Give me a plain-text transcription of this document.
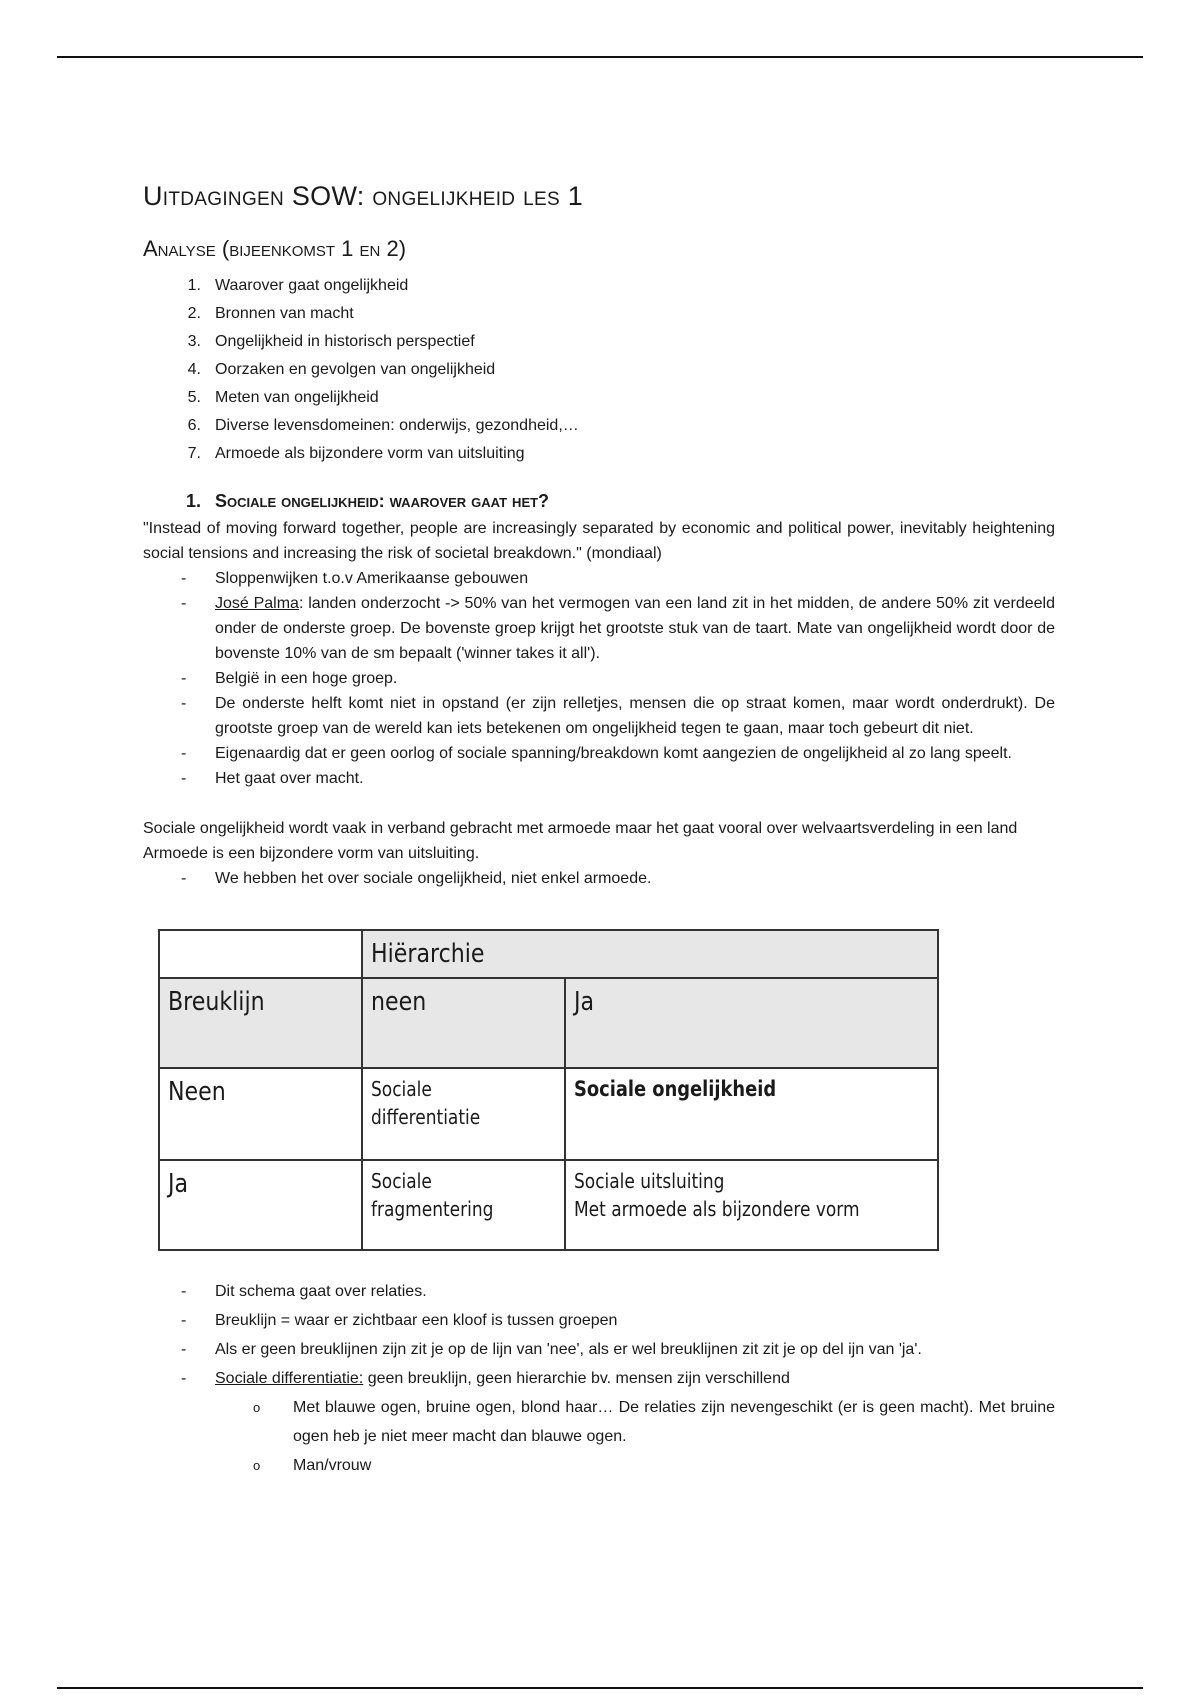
Uitdagingen SOW: ongelijkheid les 1
Analyse (bijeenkomst 1 en 2)
1. Waarover gaat ongelijkheid
2. Bronnen van macht
3. Ongelijkheid in historisch perspectief
4. Oorzaken en gevolgen van ongelijkheid
5. Meten van ongelijkheid
6. Diverse levensdomeinen: onderwijs, gezondheid,…
7. Armoede als bijzondere vorm van uitsluiting
1. Sociale ongelijkheid: waarover gaat het?

"Instead of moving forward together, people are increasingly separated by economic and political power, inevitably heightening social tensions and increasing the risk of societal breakdown." (mondiaal)

-	Sloppenwijken t.o.v Amerikaanse gebouwen
-	José Palma: landen onderzocht -> 50% van het vermogen van een land zit in het midden, de andere 50% zit verdeeld onder de onderste groep. De bovenste groep krijgt het grootste stuk van de taart. Mate van ongelijkheid wordt door de bovenste 10% van de sm bepaalt ('winner takes it all').
-	België in een hoge groep.
-	De onderste helft komt niet in opstand (er zijn relletjes, mensen die op straat komen, maar wordt onderdrukt). De grootste groep van de wereld kan iets betekenen om ongelijkheid tegen te gaan, maar toch gebeurt dit niet.
-	Eigenaardig dat er geen oorlog of sociale spanning/breakdown komt aangezien de ongelijkheid al zo lang speelt.
-	Het gaat over macht.

Sociale ongelijkheid wordt vaak in verband gebracht met armoede maar het gaat vooral over welvaartsverdeling in een land

Armoede is een bijzondere vorm van uitsluiting.

-	We hebben het over sociale ongelijkheid, niet enkel armoede.
	Hiërarchie	
Breuklijn	neen	Ja
Neen	Sociale differentiatie	Sociale ongelijkheid
Ja	Sociale fragmentering	Sociale uitsluiting
Met armoede als bijzondere vorm
-	Dit schema gaat over relaties.
-	Breuklijn = waar er zichtbaar een kloof is tussen groepen
-	Als er geen breuklijnen zijn zit je op de lijn van 'nee', als er wel breuklijnen zit zit je op del ijn van 'ja'.
-	Sociale differentiatie: geen breuklijn, geen hierarchie bv. mensen zijn verschillend
o	Met blauwe ogen, bruine ogen, blond haar… De relaties zijn nevengeschikt (er is geen macht). Met bruine ogen heb je niet meer macht dan blauwe ogen.
o	Man/vrouw
